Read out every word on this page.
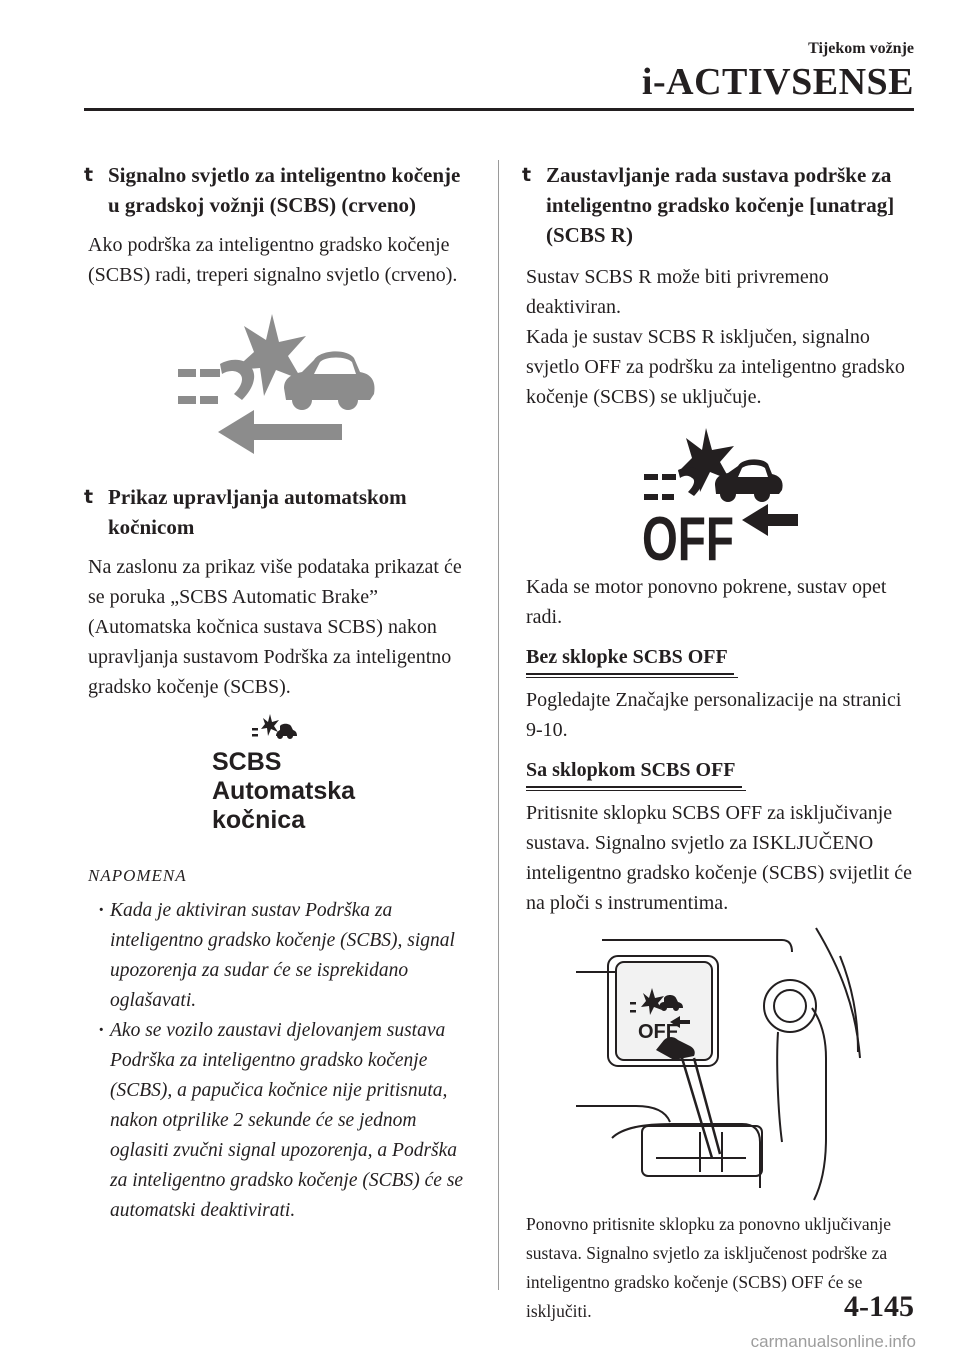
Tijekom vožnje
i-ACTIVSENSE
t Signalno svjetlo za inteligentno kočenje u gradskoj vožnji (SCBS) (crveno)

Ako podrška za inteligentno gradsko kočenje (SCBS) radi, treperi signalno svjetlo (crveno).

t Prikaz upravljanja automatskom kočnicom

Na zaslonu za prikaz više podataka prikazat će se poruka „SCBS Automatic Brake” (Automatska kočnica sustava SCBS) nakon upravljanja sustavom Podrška za inteligentno gradsko kočenje (SCBS).

SCBS
Automatska
kočnica
NAPOMENA
· Kada je aktiviran sustav Podrška za inteligentno gradsko kočenje (SCBS), signal upozorenja za sudar će se isprekidano oglašavati.
· Ako se vozilo zaustavi djelovanjem sustava Podrška za inteligentno gradsko kočenje (SCBS), a papučica kočnice nije pritisnuta, nakon otprilike 2 sekunde će se jednom oglasiti zvučni signal upozorenja, a Podrška za inteligentno gradsko kočenje (SCBS) će se automatski deaktivirati.
t Zaustavljanje rada sustava podrške za inteligentno gradsko kočenje [unatrag] (SCBS R)

Sustav SCBS R može biti privremeno deaktiviran.

Kada je sustav SCBS R isključen, signalno svjetlo OFF za podršku za inteligentno gradsko kočenje (SCBS) se uključuje.

OFF

Kada se motor ponovno pokrene, sustav opet radi.

Bez sklopke SCBS OFF

Pogledajte Značajke personalizacije na stranici 9-10.

Sa sklopkom SCBS OFF

Pritisnite sklopku SCBS OFF za isključivanje sustava. Signalno svjetlo za ISKLJUČENO inteligentno gradsko kočenje (SCBS) svijetlit će na ploči s instrumentima.

OFF

Ponovno pritisnite sklopku za ponovno uključivanje sustava. Signalno svjetlo za isključenost podrške za inteligentno gradsko kočenje (SCBS) OFF će se isključiti.	4-145
carmanualsonline.info
